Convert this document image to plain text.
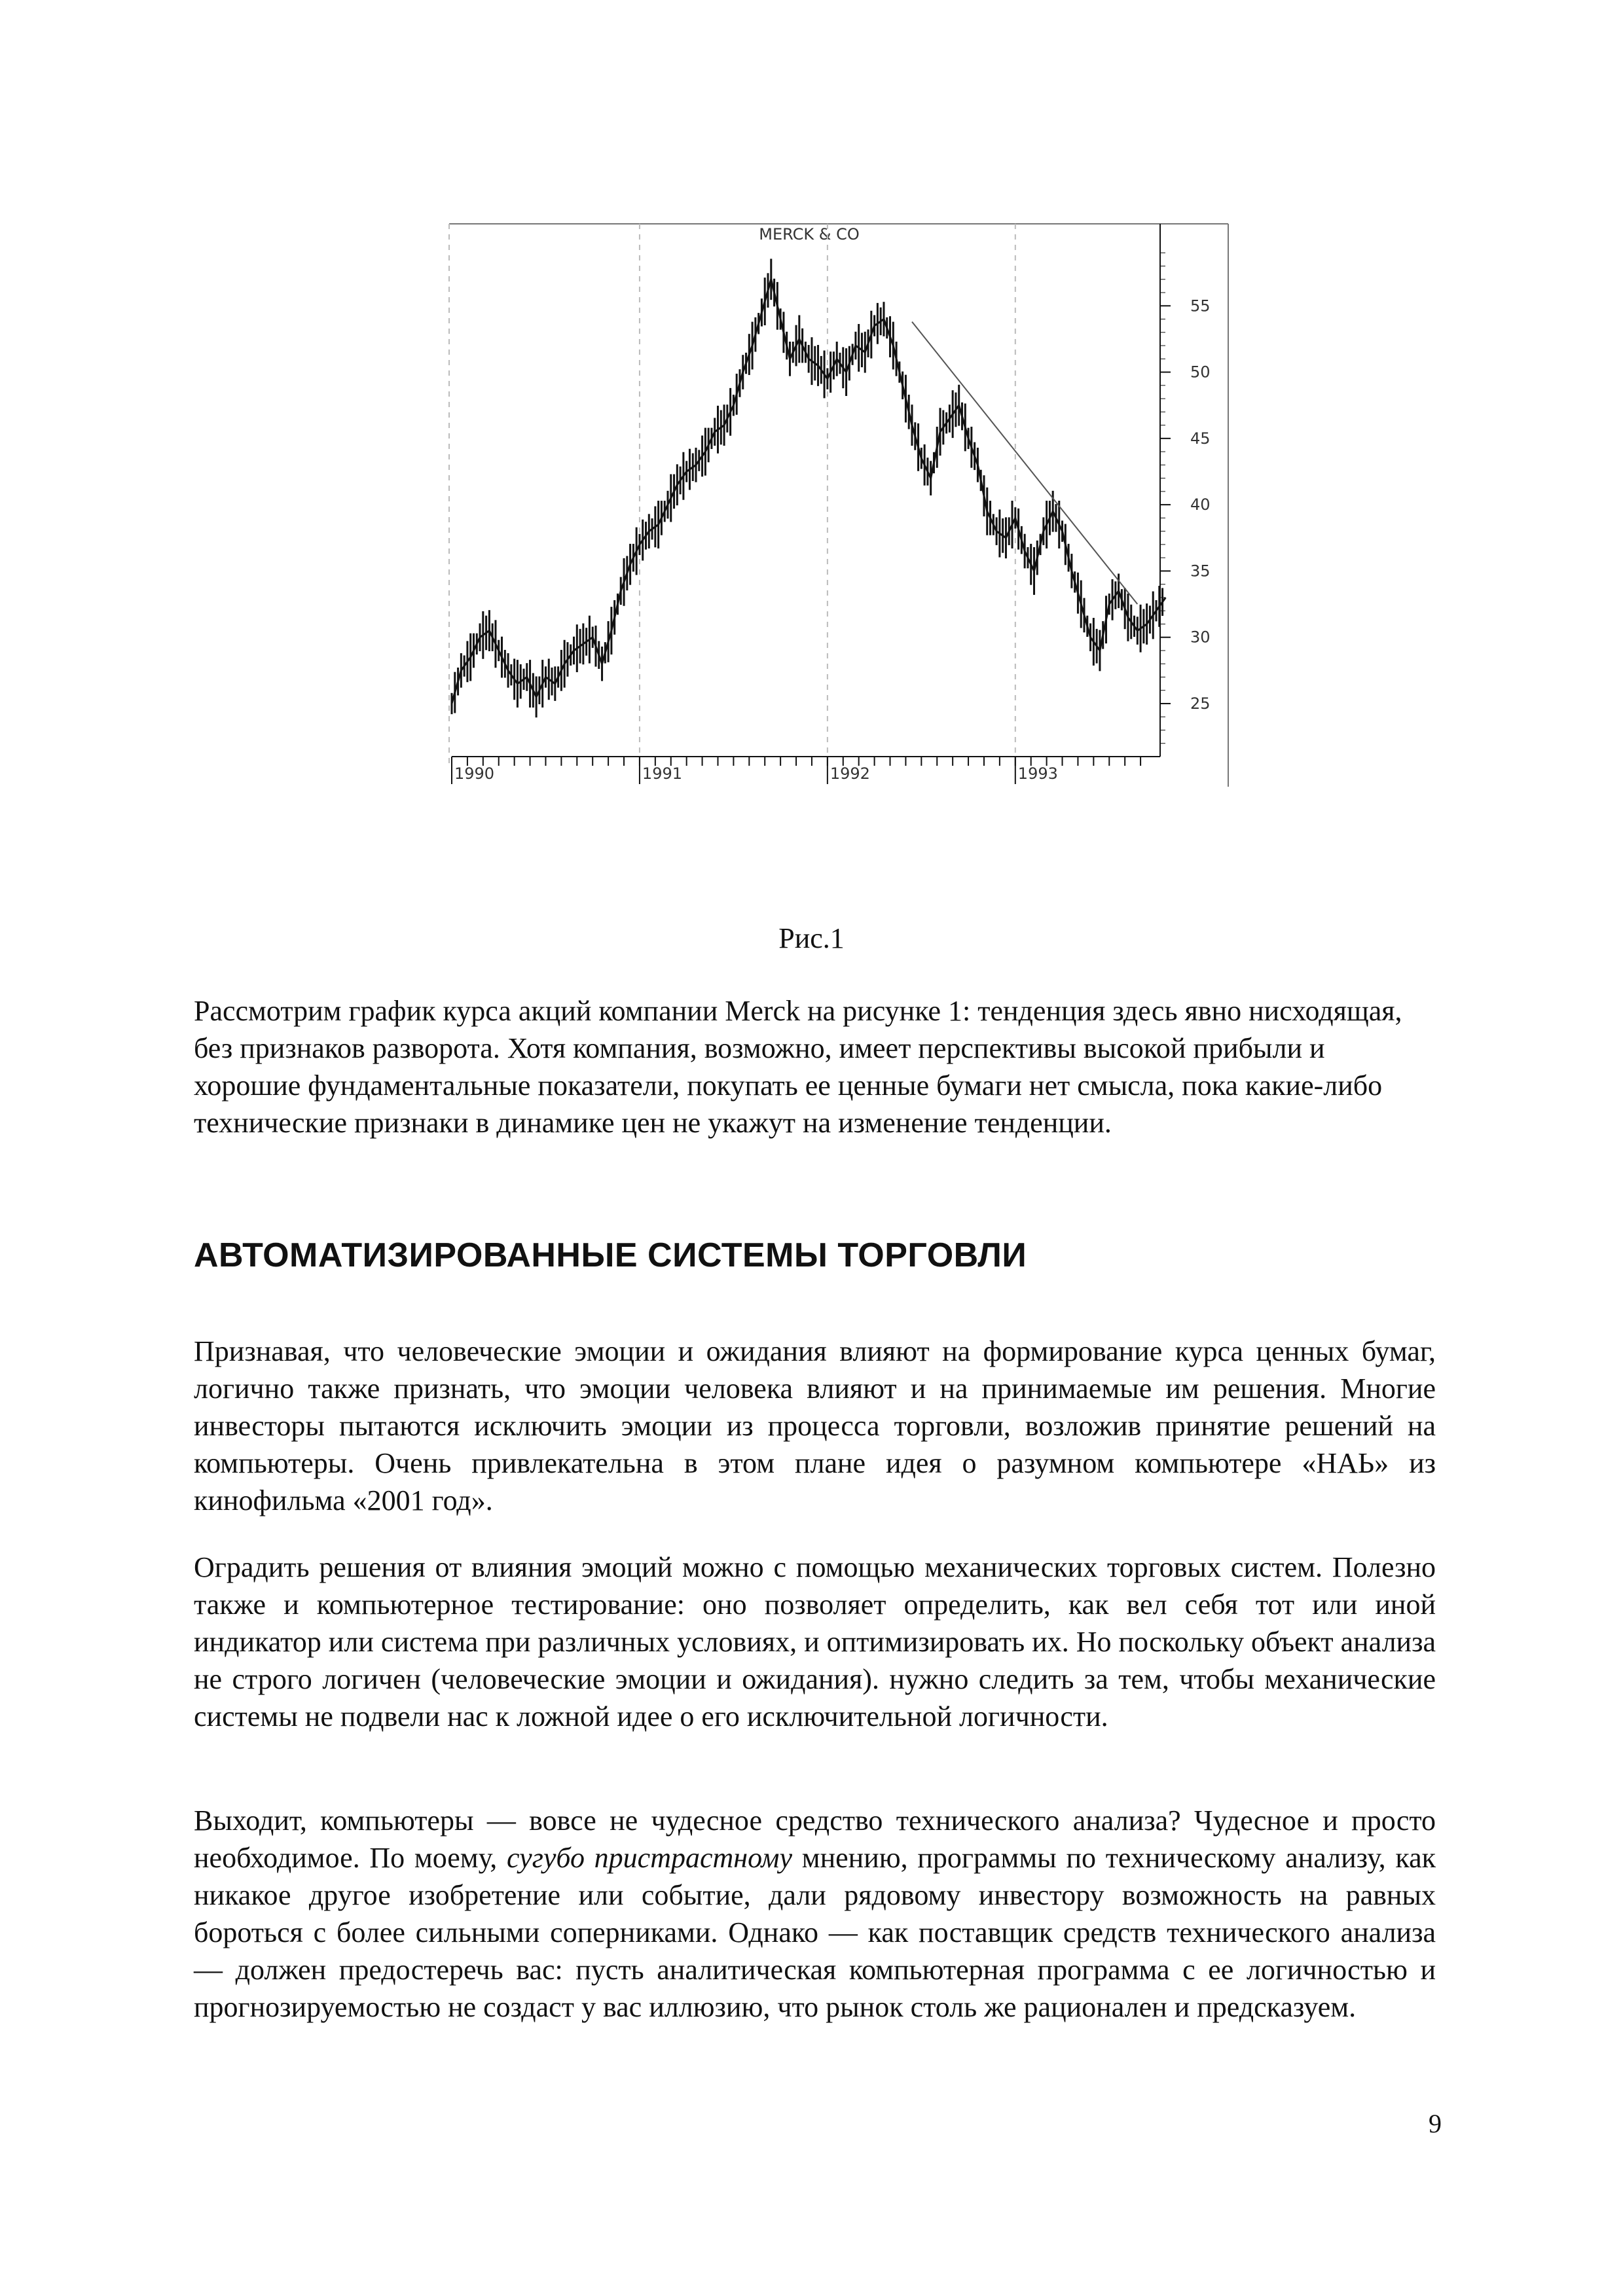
MERCK & CO
25
30
35
40
45
50
55
1990	1991	1992	1993
Рис.1

Рассмотрим график курса акций компании Merck на рисунке 1: тенденция здесь явно нисходящая, без признаков разворота. Хотя компания, возможно, имеет перспективы высокой прибыли и хорошие фундаментальные показатели, покупать ее ценные бумаги нет смысла, пока какие-либо технические признаки в динамике цен не укажут на изменение тенденции.

АВТОМАТИЗИРОВАННЫЕ СИСТЕМЫ ТОРГОВЛИ

Признавая, что человеческие эмоции и ожидания влияют на формирование курса ценных бумаг, логично также признать, что эмоции человека влияют и на принимаемые им решения. Многие инвесторы пытаются исключить эмоции из процесса торговли, возложив принятие решений на компьютеры. Очень привлекательна в этом плане идея о разумном компьютере «НАЬ» из кинофильма «2001 год».

Оградить решения от влияния эмоций можно с помощью механических торговых систем. Полезно также и компьютерное тестирование: оно позволяет определить, как вел себя тот или иной индикатор или система при различных условиях, и оптимизировать их. Но поскольку объект анализа не строго логичен (человеческие эмоции и ожидания). нужно следить за тем, чтобы механические системы не подвели нас к ложной идее о его исключительной логичности.

Выходит, компьютеры — вовсе не чудесное средство технического анализа? Чудесное и просто необходимое. По моему, сугубо пристрастному мнению, программы по техническому анализу, как никакое другое изобретение или событие, дали рядовому инвестору возможность на равных бороться с более сильными соперниками. Однако — как поставщик средств технического анализа — должен предостеречь вас: пусть аналитическая компьютерная программа с ее логичностью и прогнозируемостью не создаст у вас иллюзию, что рынок столь же рационален и предсказуем.

9
